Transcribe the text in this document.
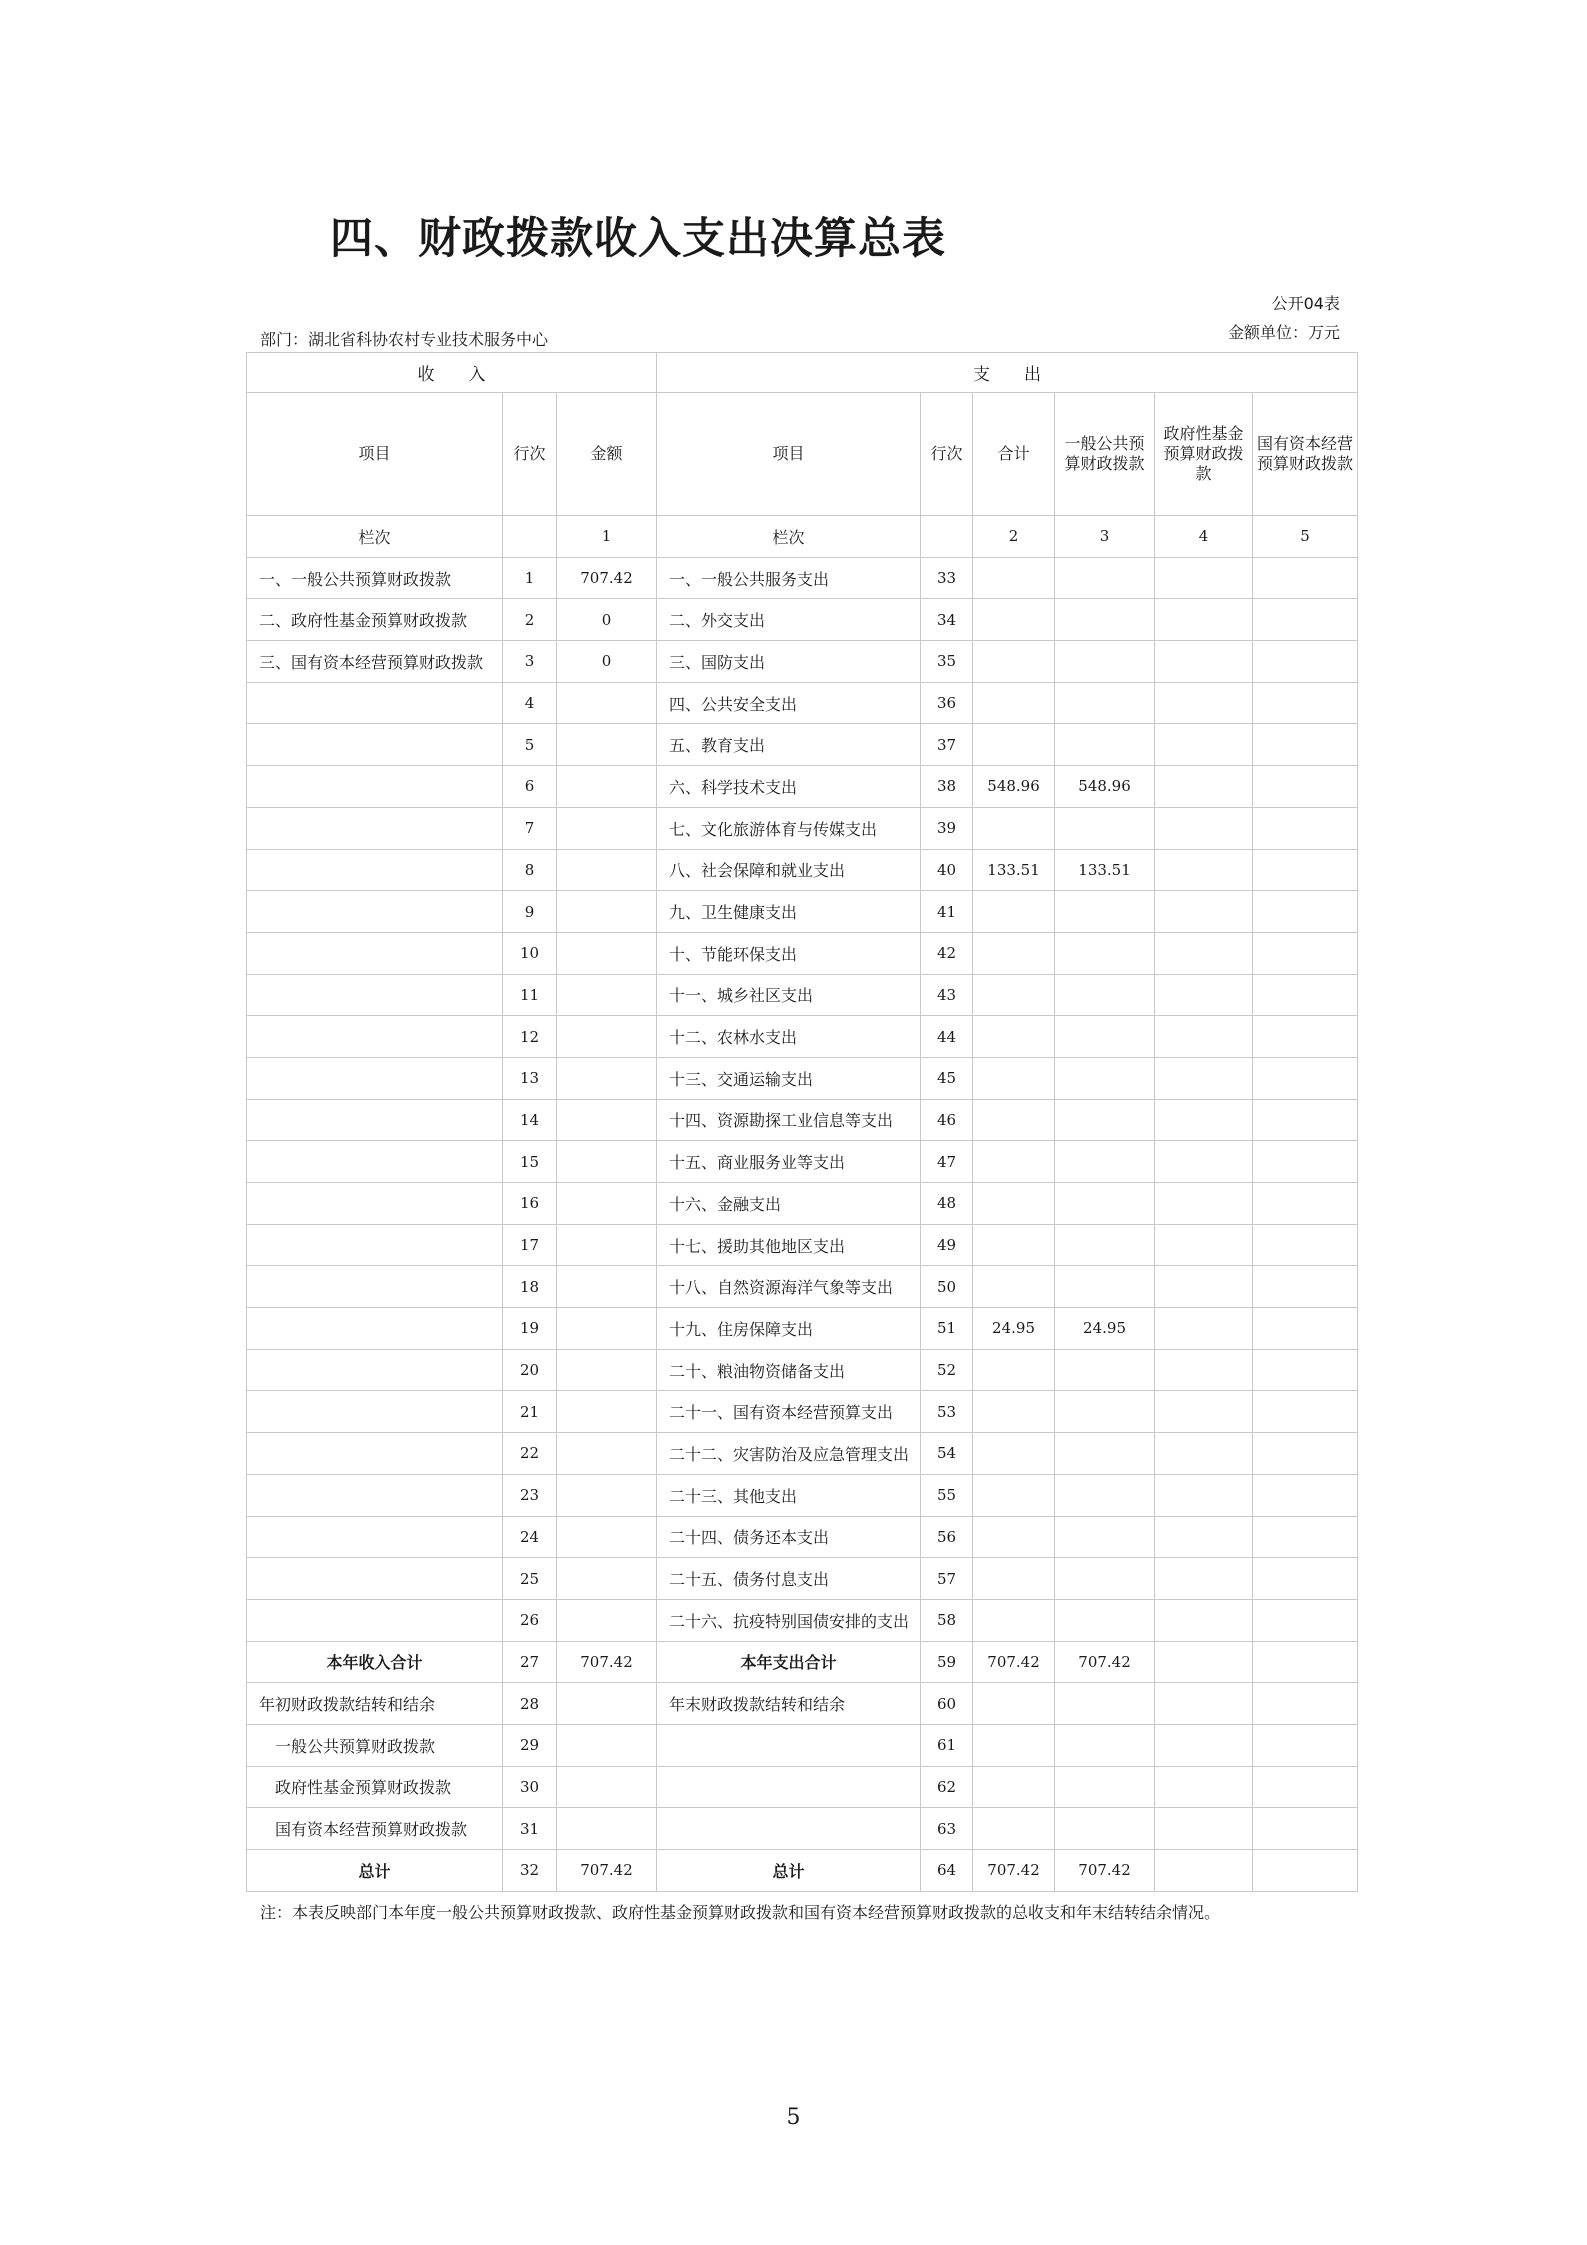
四、财政拨款收入支出决算总表
公开04表
金额单位：万元
部门：湖北省科协农村专业技术服务中心
收　　入			支　　出					
项目	行次	金额	项目	行次	合计	一般公共预算财政拨款	政府性基金预算财政拨款	国有资本经营预算财政拨款
栏次		1	栏次		2	3	4	5
一、一般公共预算财政拨款	1	707.42	一、一般公共服务支出	33				
二、政府性基金预算财政拨款	2	0	二、外交支出	34				
三、国有资本经营预算财政拨款	3	0	三、国防支出	35				
	4		四、公共安全支出	36				
	5		五、教育支出	37				
	6		六、科学技术支出	38	548.96	548.96		
	7		七、文化旅游体育与传媒支出	39				
	8		八、社会保障和就业支出	40	133.51	133.51		
	9		九、卫生健康支出	41				
	10		十、节能环保支出	42				
	11		十一、城乡社区支出	43				
	12		十二、农林水支出	44				
	13		十三、交通运输支出	45				
	14		十四、资源勘探工业信息等支出	46				
	15		十五、商业服务业等支出	47				
	16		十六、金融支出	48				
	17		十七、援助其他地区支出	49				
	18		十八、自然资源海洋气象等支出	50				
	19		十九、住房保障支出	51	24.95	24.95		
	20		二十、粮油物资储备支出	52				
	21		二十一、国有资本经营预算支出	53				
	22		二十二、灾害防治及应急管理支出	54				
	23		二十三、其他支出	55				
	24		二十四、债务还本支出	56				
	25		二十五、债务付息支出	57				
	26		二十六、抗疫特别国债安排的支出	58				
本年收入合计	27	707.42	本年支出合计	59	707.42	707.42		
年初财政拨款结转和结余	28		年末财政拨款结转和结余	60				
一般公共预算财政拨款	29			61				
政府性基金预算财政拨款	30			62				
国有资本经营预算财政拨款	31			63				
总计	32	707.42	总计	64	707.42	707.42		
注：本表反映部门本年度一般公共预算财政拨款、政府性基金预算财政拨款和国有资本经营预算财政拨款的总收支和年末结转结余情况。
5
